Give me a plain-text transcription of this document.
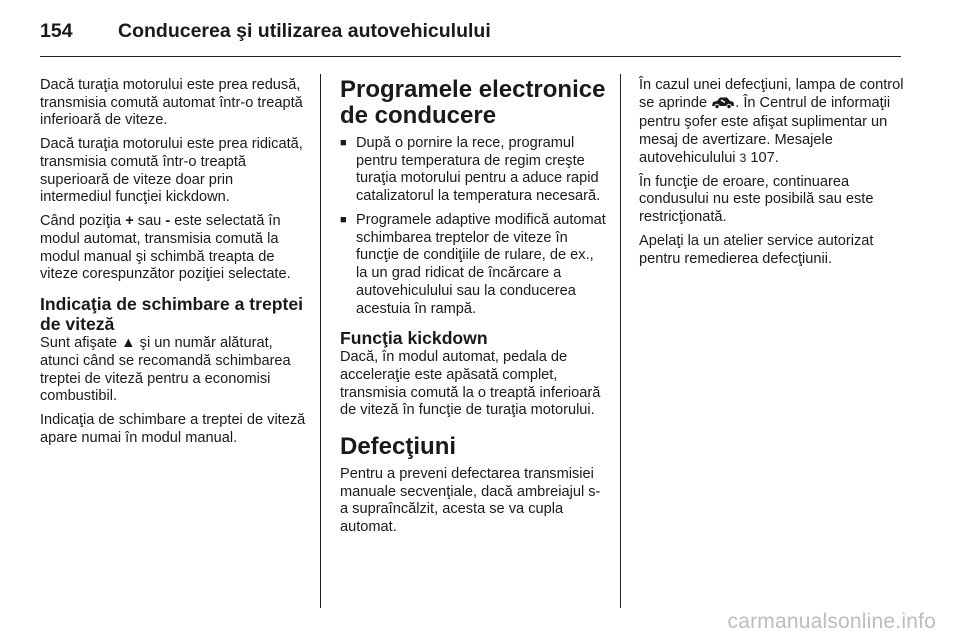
154 Conducerea şi utilizarea autovehiculului

Dacă turaţia motorului este prea redusă, transmisia comută automat într-o treaptă inferioară de viteze.

Dacă turaţia motorului este prea ridicată, transmisia comută într-o treaptă superioară de viteze doar prin intermediul funcţiei kickdown.

Când poziţia + sau - este selectată în modul automat, transmisia comută la modul manual şi schimbă treapta de viteze corespunzător poziţiei selectate.

Indicaţia de schimbare a treptei de viteză

Sunt afişate ▲ şi un număr alăturat, atunci când se recomandă schimbarea treptei de viteză pentru a economisi combustibil.

Indicaţia de schimbare a treptei de viteză apare numai în modul manual.

Programele electronice de conducere
■ După o pornire la rece, programul pentru temperatura de regim creşte turaţia motorului pentru a aduce rapid catalizatorul la temperatura necesară.
■ Programele adaptive modifică automat schimbarea treptelor de viteze în funcţie de condiţiile de rulare, de ex., la un grad ridicat de încărcare a autovehiculului sau la conducerea acestuia în rampă.
Funcţia kickdown

Dacă, în modul automat, pedala de acceleraţie este apăsată complet, transmisia comută la o treaptă inferioară de viteză în funcţie de turaţia motorului.

Defecţiuni

Pentru a preveni defectarea transmisiei manuale secvenţiale, dacă ambreiajul s-a supraîncălzit, acesta se va cupla automat.

În cazul unei defecţiuni, lampa de control se aprinde . În Centrul de informaţii pentru şofer este afişat suplimentar un mesaj de avertizare. Mesajele autovehiculului 3 107.

În funcţie de eroare, continuarea condusului nu este posibilă sau este restricţionată.

Apelaţi la un atelier service autorizat pentru remedierea defecţiunii.

carmanualsonline.info
